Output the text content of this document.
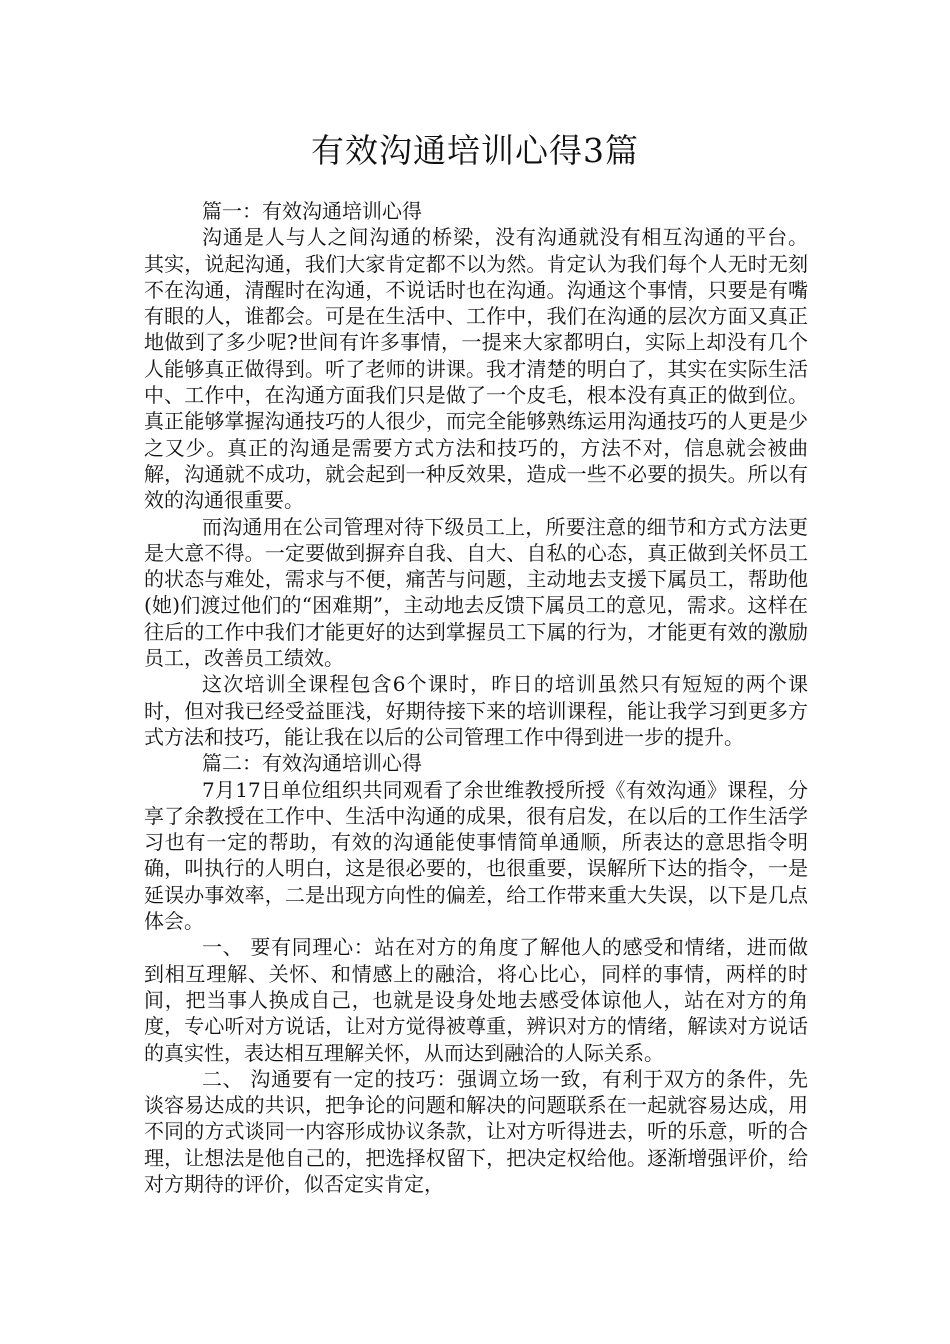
有效沟通培训心得3篇

篇一：有效沟通培训心得

沟通是人与人之间沟通的桥梁，没有沟通就没有相互沟通的平台。 其实，说起沟通，我们大家肯定都不以为然。肯定认为我们每个人无时无刻不在沟通，清醒时在沟通，不说话时也在沟通。沟通这个事情，只要是有嘴有眼的人，谁都会。可是在生活中、工作中，我们在沟通的层次方面又真正地做到了多少呢?世间有许多事情，一提来大家都明白，实际上却没有几个人能够真正做得到。听了老师的讲课。我才清楚的明白了，其实在实际生活中、工作中，在沟通方面我们只是做了一个皮毛，根本没有真正的做到位。真正能够掌握沟通技巧的人很少，而完全能够熟练运用沟通技巧的人更是少之又少。真正的沟通是需要方式方法和技巧的，方法不对，信息就会被曲解，沟通就不成功，就会起到一种反效果，造成一些不必要的损失。所以有效的沟通很重要。

而沟通用在公司管理对待下级员工上，所要注意的细节和方式方法更是大意不得。一定要做到摒弃自我、自大、自私的心态，真正做到关怀员工的状态与难处，需求与不便，痛苦与问题，主动地去支援下属员工，帮助他(她)们渡过他们的“困难期”，主动地去反馈下属员工的意见，需求。这样在往后的工作中我们才能更好的达到掌握员工下属的行为，才能更有效的激励员工，改善员工绩效。

这次培训全课程包含6个课时，昨日的培训虽然只有短短的两个课时，但对我已经受益匪浅，好期待接下来的培训课程，能让我学习到更多方式方法和技巧，能让我在以后的公司管理工作中得到进一步的提升。

篇二：有效沟通培训心得

7月17日单位组织共同观看了余世维教授所授《有效沟通》课程，分享了余教授在工作中、生活中沟通的成果，很有启发，在以后的工作生活学习也有一定的帮助，有效的沟通能使事情简单通顺，所表达的意思指令明确，叫执行的人明白，这是很必要的，也很重要，误解所下达的指令，一是延误办事效率，二是出现方向性的偏差，给工作带来重大失误，以下是几点体会。

一、 要有同理心：站在对方的角度了解他人的感受和情绪，进而做到相互理解、关怀、和情感上的融洽，将心比心，同样的事情，两样的时间，把当事人换成自己，也就是设身处地去感受体谅他人，站在对方的角度，专心听对方说话，让对方觉得被尊重，辨识对方的情绪，解读对方说话的真实性，表达相互理解关怀，从而达到融洽的人际关系。

二、 沟通要有一定的技巧：强调立场一致，有利于双方的条件，先谈容易达成的共识，把争论的问题和解决的问题联系在一起就容易达成，用不同的方式谈同一内容形成协议条款，让对方听得进去，听的乐意，听的合理，让想法是他自己的，把选择权留下，把决定权给他。逐渐增强评价，给对方期待的评价，似否定实肯定，
